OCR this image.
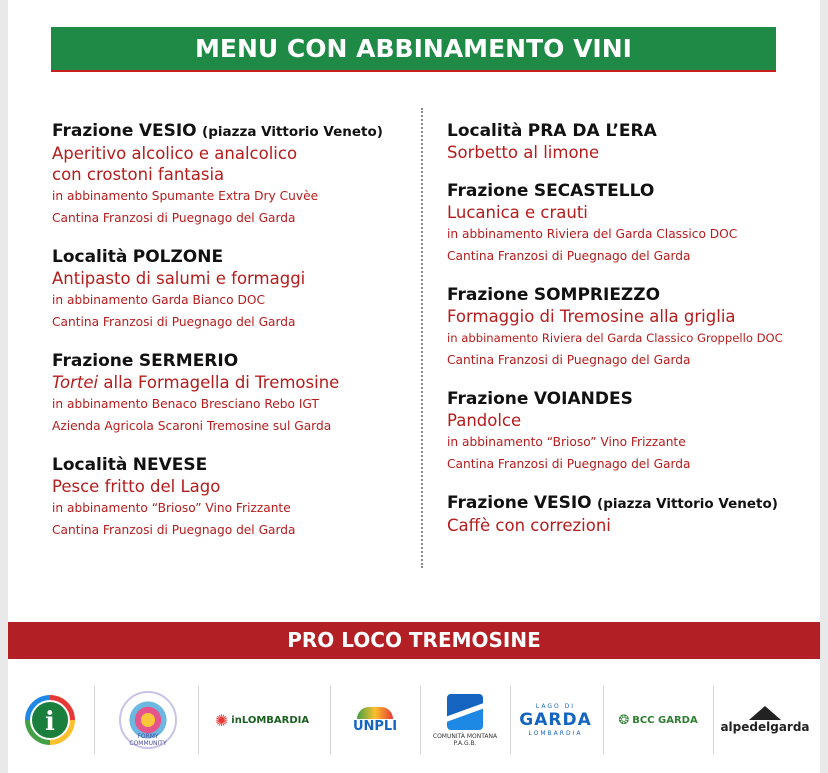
MENU CON ABBINAMENTO VINI
Frazione VESIO (piazza Vittorio Veneto)
Aperitivo alcolico e analcolico
con crostoni fantasia
in abbinamento Spumante Extra Dry Cuvèe
Cantina Franzosi di Puegnago del Garda
Località POLZONE
Antipasto di salumi e formaggi
in abbinamento Garda Bianco DOC
Cantina Franzosi di Puegnago del Garda
Frazione SERMERIO
Tortei alla Formagella di Tremosine
in abbinamento Benaco Bresciano Rebo IGT
Azienda Agricola Scaroni Tremosine sul Garda
Località NEVESE
Pesce fritto del Lago
in abbinamento “Brioso” Vino Frizzante
Cantina Franzosi di Puegnago del Garda
Località PRA DA L’ERA
Sorbetto al limone
Frazione SECASTELLO
Lucanica e crauti
in abbinamento Riviera del Garda Classico DOC
Cantina Franzosi di Puegnago del Garda
Frazione SOMPRIEZZO
Formaggio di Tremosine alla griglia
in abbinamento Riviera del Garda Classico Groppello DOC
Cantina Franzosi di Puegnago del Garda
Frazione VOIANDES
Pandolce
in abbinamento “Brioso” Vino Frizzante
Cantina Franzosi di Puegnago del Garda
Frazione VESIO (piazza Vittorio Veneto)
Caffè con correzioni
PRO LOCO TREMOSINE
i	FORMY COMMUNITY
✺ inLOMBARDIA	UNPLI
COMUNITÀ MONTANA P.A.G.B.
LAGO DI
GARDA
LOMBARDIA
❂ BCC GARDA alpedelgarda
